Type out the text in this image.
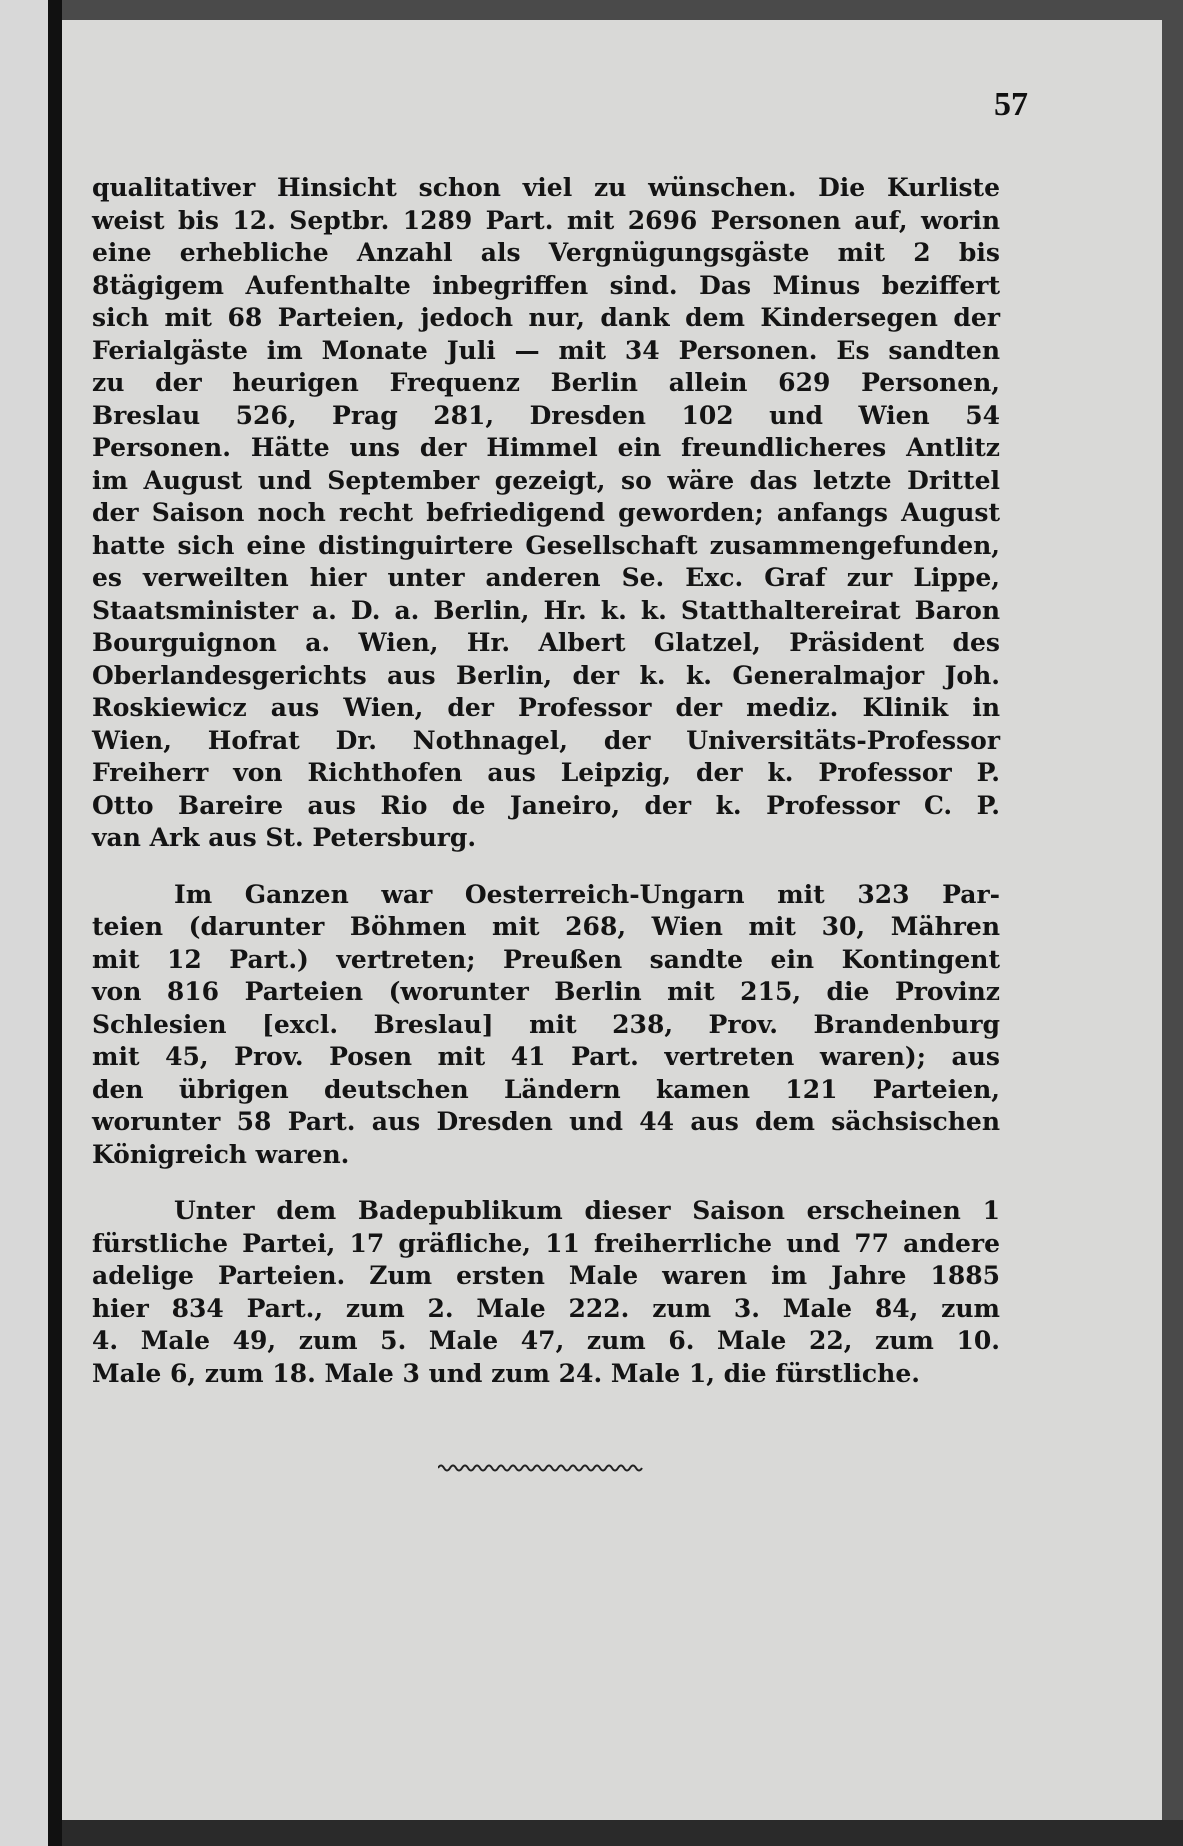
57

qualitativer Hinsicht schon viel zu wünschen. Die Kurliste
weist bis 12. Septbr. 1289 Part. mit 2696 Personen auf, worin
eine erhebliche Anzahl als Vergnügungsgäste mit 2 bis
8tägigem Aufenthalte inbegriffen sind. Das Minus beziffert
sich mit 68 Parteien, jedoch nur, dank dem Kindersegen der
Ferialgäste im Monate Juli — mit 34 Personen. Es sandten
zu der heurigen Frequenz Berlin allein 629 Personen,
Breslau 526, Prag 281, Dresden 102 und Wien 54
Personen. Hätte uns der Himmel ein freundlicheres Antlitz
im August und September gezeigt, so wäre das letzte Drittel
der Saison noch recht befriedigend geworden; anfangs August
hatte sich eine distinguirtere Gesellschaft zusammengefunden,
es verweilten hier unter anderen Se. Exc. Graf zur Lippe,
Staatsminister a. D. a. Berlin, Hr. k. k. Statthaltereirat Baron
Bourguignon a. Wien, Hr. Albert Glatzel, Präsident des
Oberlandesgerichts aus Berlin, der k. k. Generalmajor Joh.
Roskiewicz aus Wien, der Professor der mediz. Klinik in
Wien, Hofrat Dr. Nothnagel, der Universitäts-Professor
Freiherr von Richthofen aus Leipzig, der k. Professor P.
Otto Bareire aus Rio de Janeiro, der k. Professor C. P.
van Ark aus St. Petersburg.

Im Ganzen war Oesterreich-Ungarn mit 323 Par-
teien (darunter Böhmen mit 268, Wien mit 30, Mähren
mit 12 Part.) vertreten; Preußen sandte ein Kontingent
von 816 Parteien (worunter Berlin mit 215, die Provinz
Schlesien [excl. Breslau] mit 238, Prov. Brandenburg
mit 45, Prov. Posen mit 41 Part. vertreten waren); aus
den übrigen deutschen Ländern kamen 121 Parteien,
worunter 58 Part. aus Dresden und 44 aus dem sächsischen
Königreich waren.

Unter dem Badepublikum dieser Saison erscheinen 1
fürstliche Partei, 17 gräfliche, 11 freiherrliche und 77 andere
adelige Parteien. Zum ersten Male waren im Jahre 1885
hier 834 Part., zum 2. Male 222. zum 3. Male 84, zum
4. Male 49, zum 5. Male 47, zum 6. Male 22, zum 10.
Male 6, zum 18. Male 3 und zum 24. Male 1, die fürstliche.
